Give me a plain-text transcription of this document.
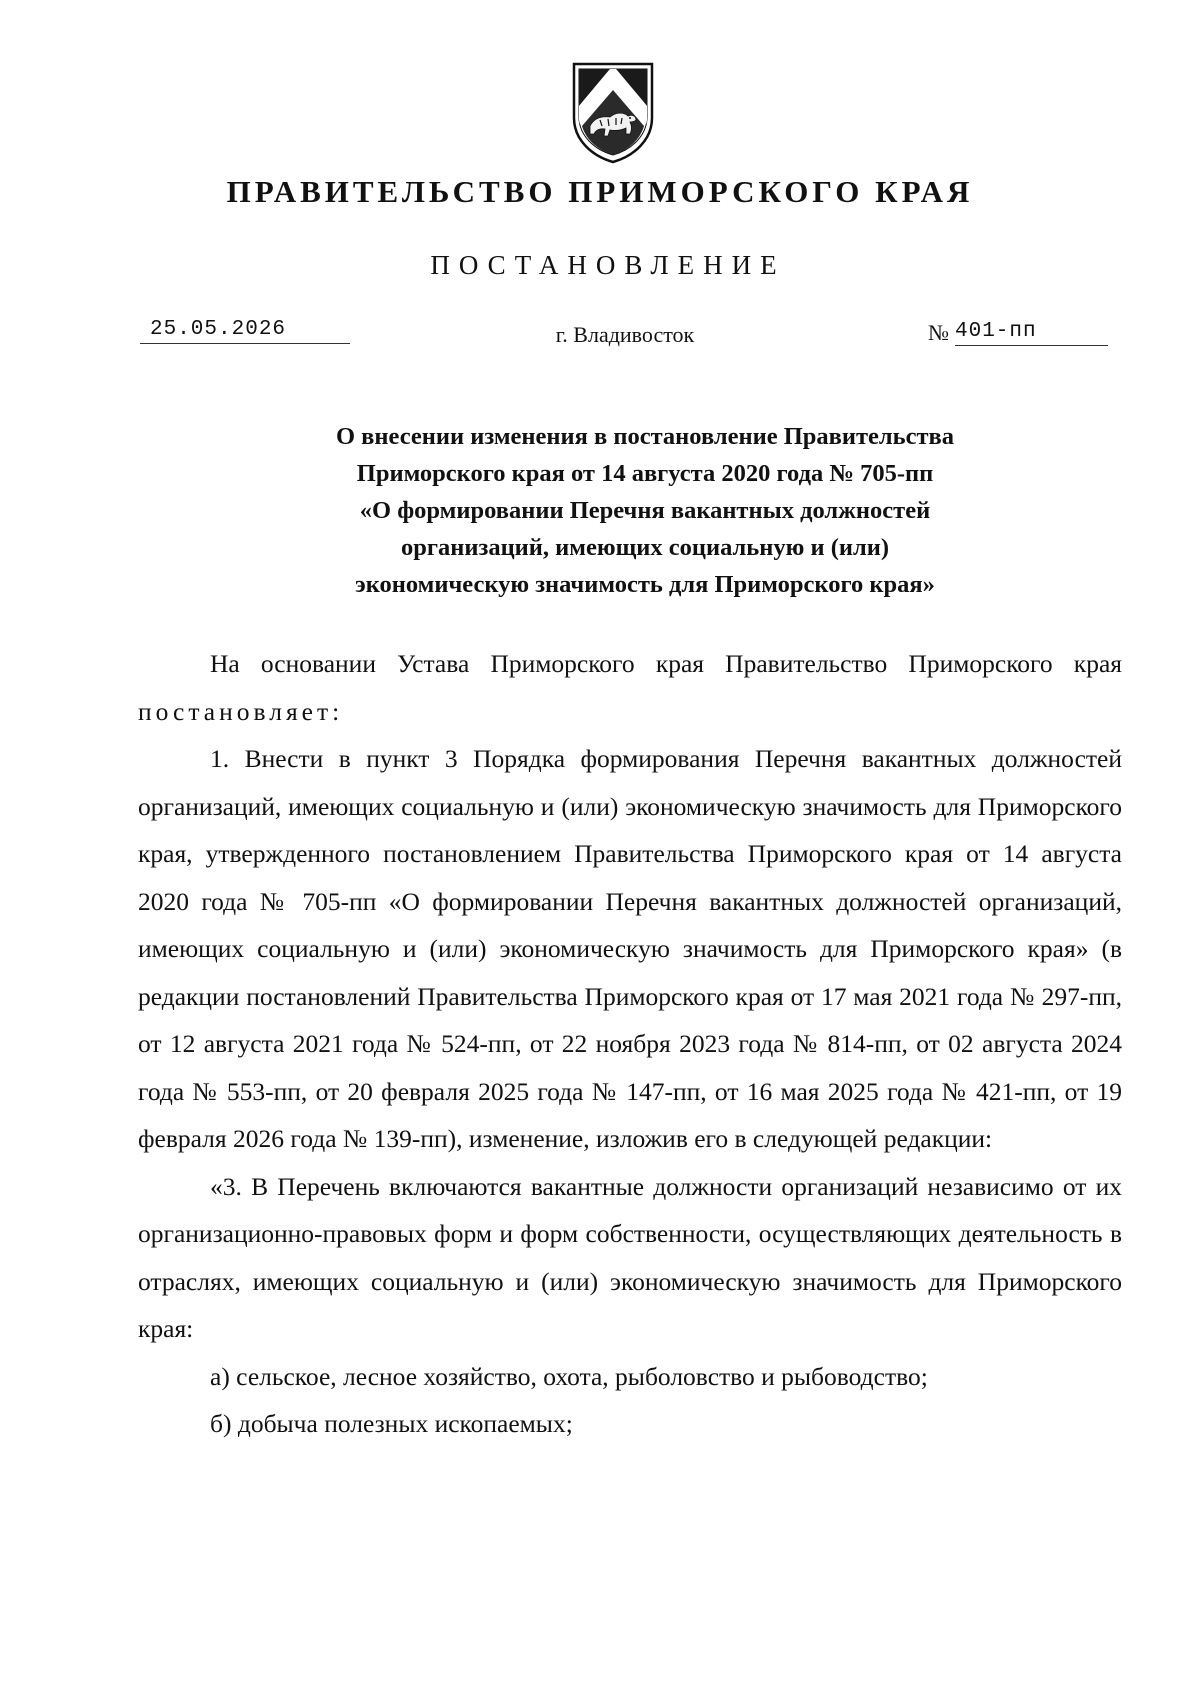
ПРАВИТЕЛЬСТВО ПРИМОРСКОГО КРАЯ
ПОСТАНОВЛЕНИЕ
25.05.2026	г. Владивосток	№ 401-пп
О внесении изменения в постановление Правительства
Приморского края от 14 августа 2020 года № 705-пп
«О формировании Перечня вакантных должностей
организаций, имеющих социальную и (или)
экономическую значимость для Приморского края»

На основании Устава Приморского края Правительство Приморского края постановляет:

1. Внести в пункт 3 Порядка формирования Перечня вакантных должностей организаций, имеющих социальную и (или) экономическую значимость для Приморского края, утвержденного постановлением Правительства Приморского края от 14 августа 2020 года № 705-пп «О формировании Перечня вакантных должностей организаций, имеющих социальную и (или) экономическую значимость для Приморского края» (в редакции постановлений Правительства Приморского края от 17 мая 2021 года № 297-пп, от 12 августа 2021 года № 524-пп, от 22 ноября 2023 года № 814-пп, от 02 августа 2024 года № 553-пп, от 20 февраля 2025 года № 147-пп, от 16 мая 2025 года № 421-пп, от 19 февраля 2026 года № 139-пп), изменение, изложив его в следующей редакции:

«3. В Перечень включаются вакантные должности организаций независимо от их организационно-правовых форм и форм собственности, осуществляющих деятельность в отраслях, имеющих социальную и (или) экономическую значимость для Приморского края:

а) сельское, лесное хозяйство, охота, рыболовство и рыбоводство;

б) добыча полезных ископаемых;
